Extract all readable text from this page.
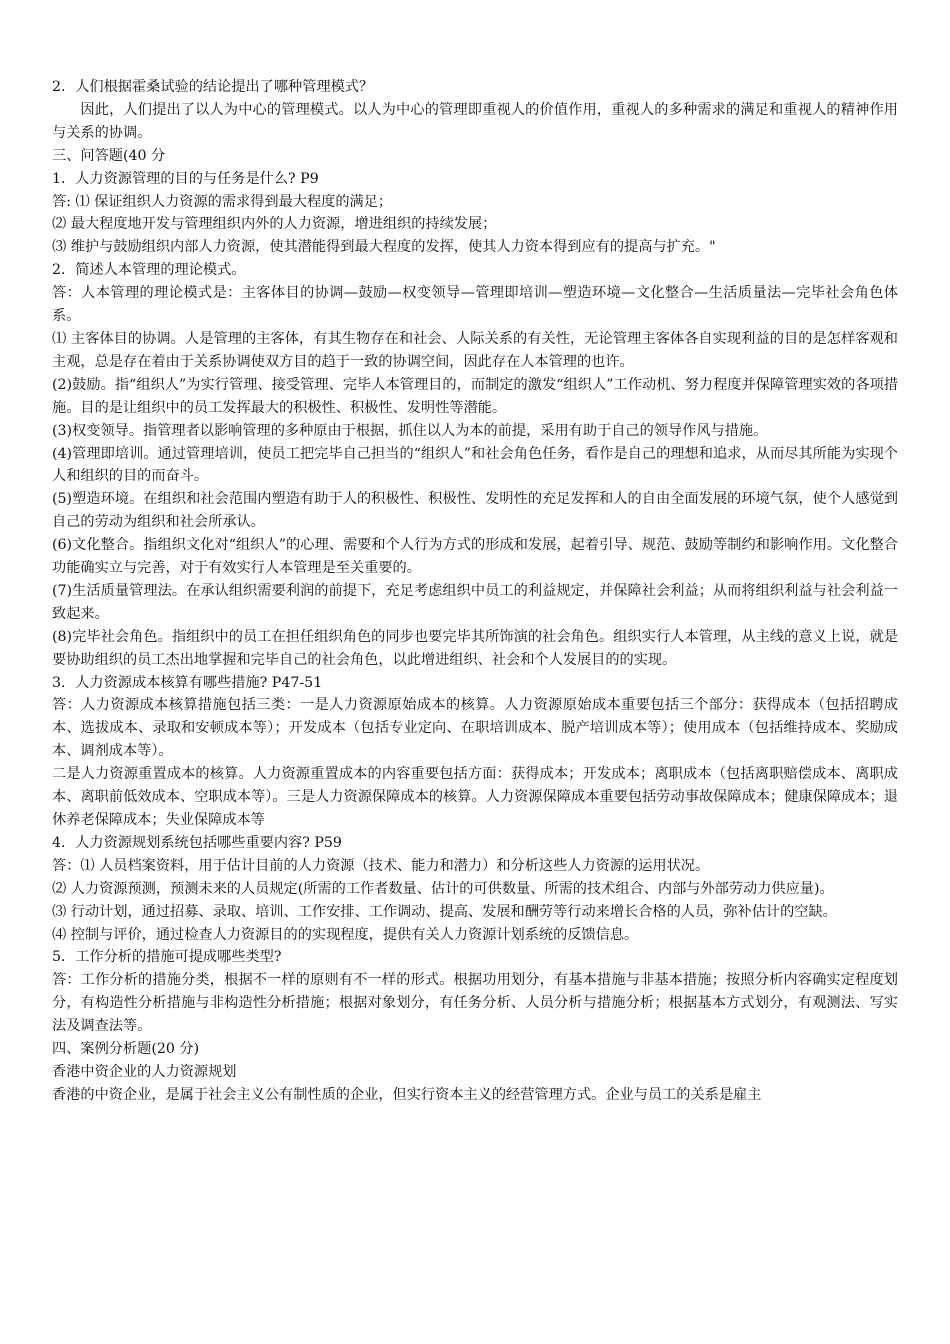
2．人们根据霍桑试验的结论提出了哪种管理模式？

因此，人们提出了以人为中心的管理模式。以人为中心的管理即重视人的价值作用，重视人的多种需求的满足和重视人的精神作用与关系的协调。

三、问答题(40 分

1．人力资源管理的目的与任务是什么? P9

答: ⑴ 保证组织人力资源的需求得到最大程度的满足；

⑵ 最大程度地开发与管理组织内外的人力资源，增进组织的持续发展；

⑶ 维护与鼓励组织内部人力资源，使其潜能得到最大程度的发挥，使其人力资本得到应有的提高与扩充。"

2．简述人本管理的理论模式。

答：人本管理的理论模式是：主客体目的协调—鼓励—权变领导—管理即培训—塑造环境—文化整合—生活质量法—完毕社会角色体系。

⑴ 主客体目的协调。人是管理的主客体，有其生物存在和社会、人际关系的有关性，无论管理主客体各自实现利益的目的是怎样客观和主观，总是存在着由于关系协调使双方目的趋于一致的协调空间，因此存在人本管理的也许。

(2)鼓励。指“组织人”为实行管理、接受管理、完毕人本管理目的，而制定的激发“组织人”工作动机、努力程度并保障管理实效的各项措施。目的是让组织中的员工发挥最大的积极性、积极性、发明性等潜能。

(3)权变领导。指管理者以影响管理的多种原由于根据，抓住以人为本的前提，采用有助于自己的领导作风与措施。

(4)管理即培训。通过管理培训，使员工把完毕自己担当的“组织人”和社会角色任务，看作是自己的理想和追求，从而尽其所能为实现个人和组织的目的而奋斗。

(5)塑造环境。在组织和社会范围内塑造有助于人的积极性、积极性、发明性的充足发挥和人的自由全面发展的环境气氛，使个人感觉到自己的劳动为组织和社会所承认。

(6)文化整合。指组织文化对“组织人”的心理、需要和个人行为方式的形成和发展，起着引导、规范、鼓励等制约和影响作用。文化整合功能确实立与完善，对于有效实行人本管理是至关重要的。

(7)生活质量管理法。在承认组织需要利润的前提下，充足考虑组织中员工的利益规定，并保障社会利益；从而将组织利益与社会利益一致起来。

(8)完毕社会角色。指组织中的员工在担任组织角色的同步也要完毕其所饰演的社会角色。组织实行人本管理，从主线的意义上说，就是要协助组织的员工杰出地掌握和完毕自己的社会角色，以此增进组织、社会和个人发展目的的实现。

3．人力资源成本核算有哪些措施? P47-51

答：人力资源成本核算措施包括三类：一是人力资源原始成本的核算。人力资源原始成本重要包括三个部分：获得成本（包括招聘成本、选拔成本、录取和安顿成本等）；开发成本（包括专业定向、在职培训成本、脱产培训成本等）；使用成本（包括维持成本、奖励成本、调剂成本等）。

二是人力资源重置成本的核算。人力资源重置成本的内容重要包括方面：获得成本；开发成本；离职成本（包括离职赔偿成本、离职成本、离职前低效成本、空职成本等）。三是人力资源保障成本的核算。人力资源保障成本重要包括劳动事故保障成本；健康保障成本；退休养老保障成本；失业保障成本等

4．人力资源规划系统包括哪些重要内容? P59

答：⑴ 人员档案资料，用于估计目前的人力资源（技术、能力和潜力）和分析这些人力资源的运用状况。

⑵ 人力资源预测，预测未来的人员规定(所需的工作者数量、估计的可供数量、所需的技术组合、内部与外部劳动力供应量)。

⑶ 行动计划，通过招募、录取、培训、工作安排、工作调动、提高、发展和酬劳等行动来增长合格的人员，弥补估计的空缺。

⑷ 控制与评价，通过检查人力资源目的的实现程度，提供有关人力资源计划系统的反馈信息。

5．工作分析的措施可提成哪些类型?

答：工作分析的措施分类，根据不一样的原则有不一样的形式。根据功用划分，有基本措施与非基本措施；按照分析内容确实定程度划分，有构造性分析措施与非构造性分析措施；根据对象划分，有任务分析、人员分析与措施分析；根据基本方式划分，有观测法、写实法及调查法等。

四、案例分析题(20 分)

香港中资企业的人力资源规划

香港的中资企业，是属于社会主义公有制性质的企业，但实行资本主义的经营管理方式。企业与员工的关系是雇主
